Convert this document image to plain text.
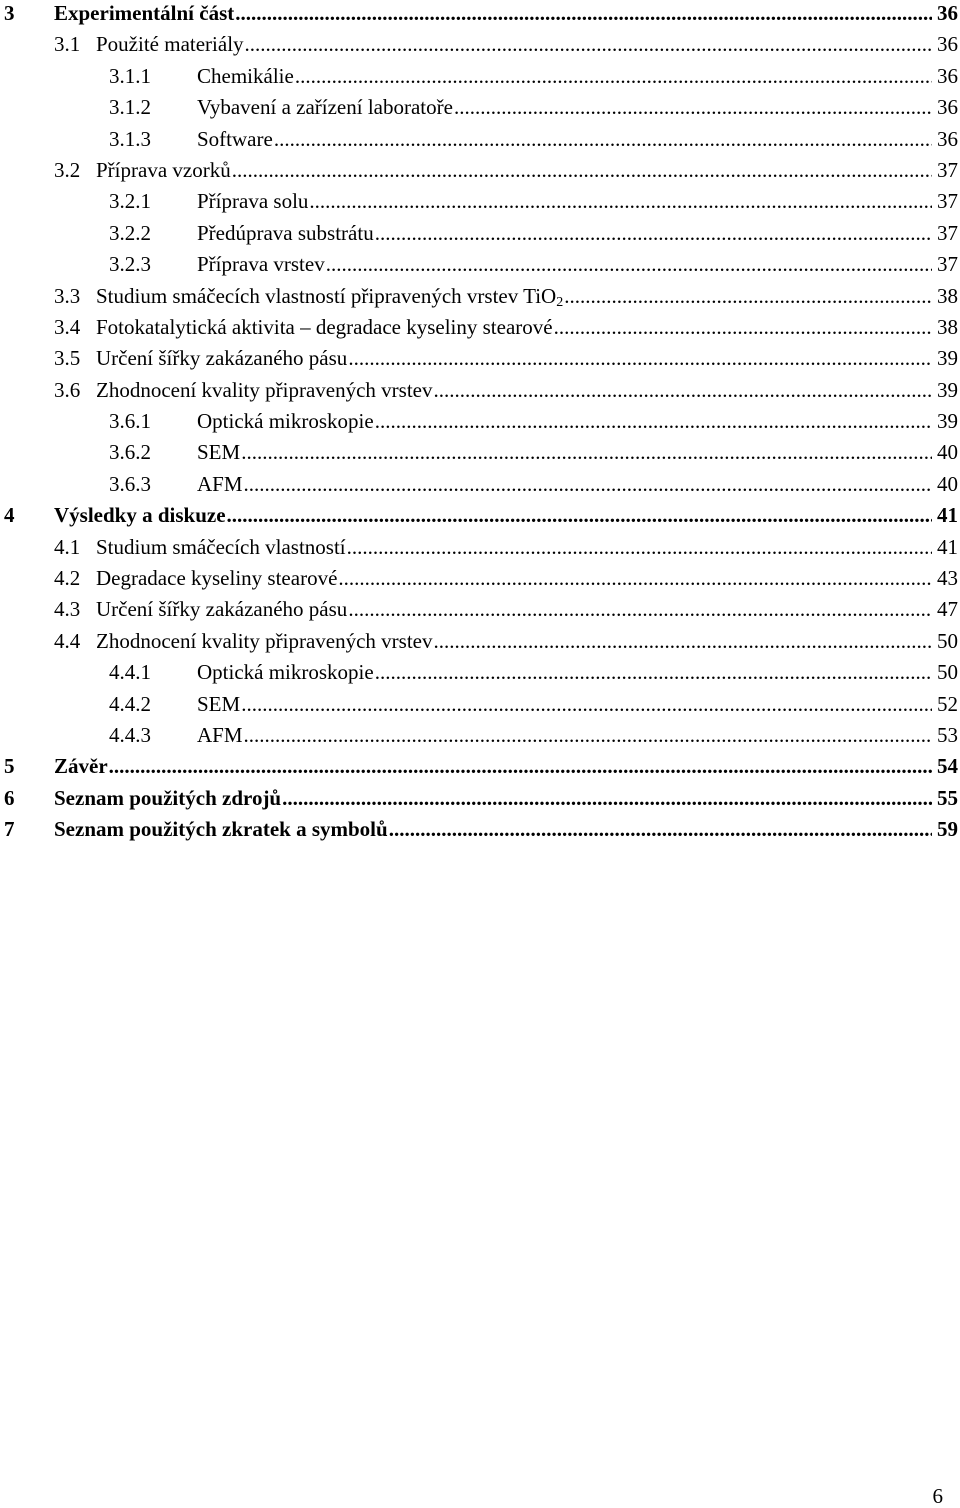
3	Experimentální část .....	36
3.1 Použité materiály .....	36
3.1.1	Chemikálie .....	36
3.1.2	Vybavení a zařízení laboratoře .....	36
3.1.3	Software .....	36
3.2 Příprava vzorků .....	37
3.2.1	Příprava solu .....	37
3.2.2	Předúprava substrátu .....	37
3.2.3	Příprava vrstev .....	37
3.3 Studium smáčecích vlastností připravených vrstev TiO$_2$ .....	38
3.4 Fotokatalytická aktivita – degradace kyseliny stearové .....	38
3.5 Určení šířky zakázaného pásu .....	39
3.6 Zhodnocení kvality připravených vrstev .....	39
3.6.1	Optická mikroskopie .....	39
3.6.2	SEM .....	40
3.6.3	AFM .....	40
4	Výsledky a diskuze .....	41
4.1 Studium smáčecích vlastností .....	41
4.2 Degradace kyseliny stearové .....	43
4.3 Určení šířky zakázaného pásu .....	47
4.4 Zhodnocení kvality připravených vrstev .....	50
4.4.1	Optická mikroskopie .....	50
4.4.2	SEM .....	52
4.4.3	AFM .....	53
5	Závěr .....	54
6	Seznam použitých zdrojů .....	55
7	Seznam použitých zkratek a symbolů .....	59
6
